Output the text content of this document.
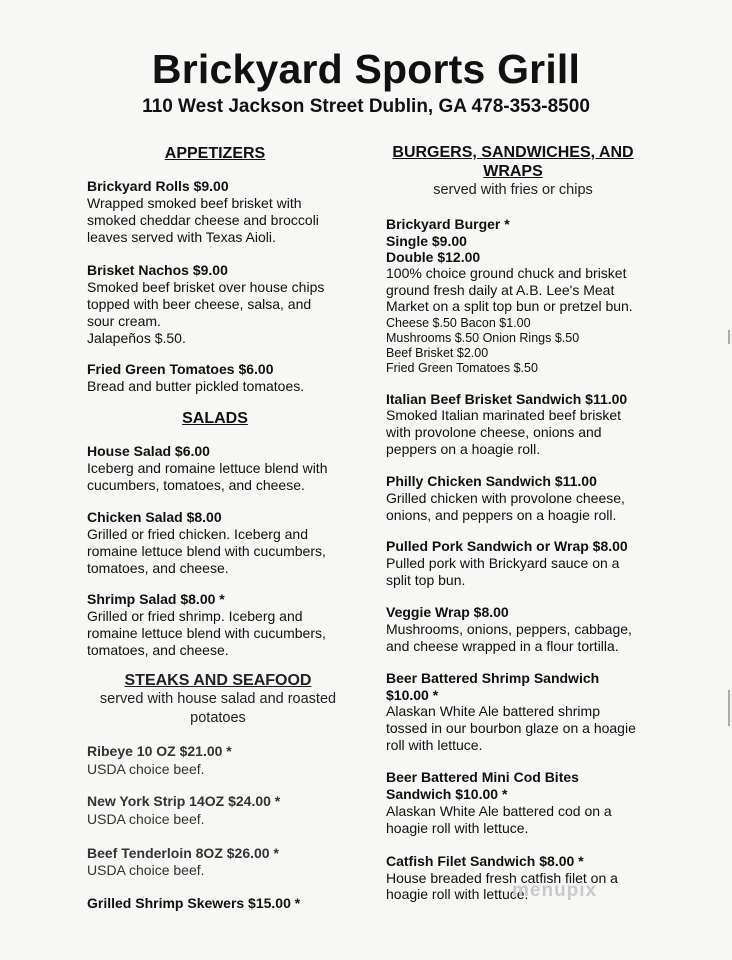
Brickyard Sports Grill

110 West Jackson Street Dublin, GA 478-353-8500

APPETIZERS

Brickyard Rolls $9.00

Wrapped smoked beef brisket with

smoked cheddar cheese and broccoli

leaves served with Texas Aioli.

Brisket Nachos $9.00

Smoked beef brisket over house chips

topped with beer cheese, salsa, and

sour cream.

Jalapeños $.50.

Fried Green Tomatoes $6.00

Bread and butter pickled tomatoes.

SALADS

House Salad $6.00

Iceberg and romaine lettuce blend with

cucumbers, tomatoes, and cheese.

Chicken Salad $8.00

Grilled or fried chicken. Iceberg and

romaine lettuce blend with cucumbers,

tomatoes, and cheese.

Shrimp Salad $8.00 *

Grilled or fried shrimp. Iceberg and

romaine lettuce blend with cucumbers,

tomatoes, and cheese.

STEAKS AND SEAFOOD

served with house salad and roasted

potatoes

Ribeye 10 OZ $21.00 *

USDA choice beef.

New York Strip 14OZ $24.00 *

USDA choice beef.

Beef Tenderloin 8OZ $26.00 *

USDA choice beef.

Grilled Shrimp Skewers $15.00 *

BURGERS, SANDWICHES, AND

WRAPS

served with fries or chips

Brickyard Burger *

Single $9.00

Double $12.00

100% choice ground chuck and brisket

ground fresh daily at A.B. Lee's Meat

Market on a split top bun or pretzel bun.

Cheese $.50 Bacon $1.00

Mushrooms $.50 Onion Rings $.50

Beef Brisket $2.00

Fried Green Tomatoes $.50

Italian Beef Brisket Sandwich $11.00

Smoked Italian marinated beef brisket

with provolone cheese, onions and

peppers on a hoagie roll.

Philly Chicken Sandwich $11.00

Grilled chicken with provolone cheese,

onions, and peppers on a hoagie roll.

Pulled Pork Sandwich or Wrap $8.00

Pulled pork with Brickyard sauce on a

split top bun.

Veggie Wrap $8.00

Mushrooms, onions, peppers, cabbage,

and cheese wrapped in a flour tortilla.

Beer Battered Shrimp Sandwich

$10.00 *

Alaskan White Ale battered shrimp

tossed in our bourbon glaze on a hoagie

roll with lettuce.

Beer Battered Mini Cod Bites

Sandwich $10.00 *

Alaskan White Ale battered cod on a

hoagie roll with lettuce.

Catfish Filet Sandwich $8.00 *

House breaded fresh catfish filet on a

hoagie roll with lettuce.

menupix
